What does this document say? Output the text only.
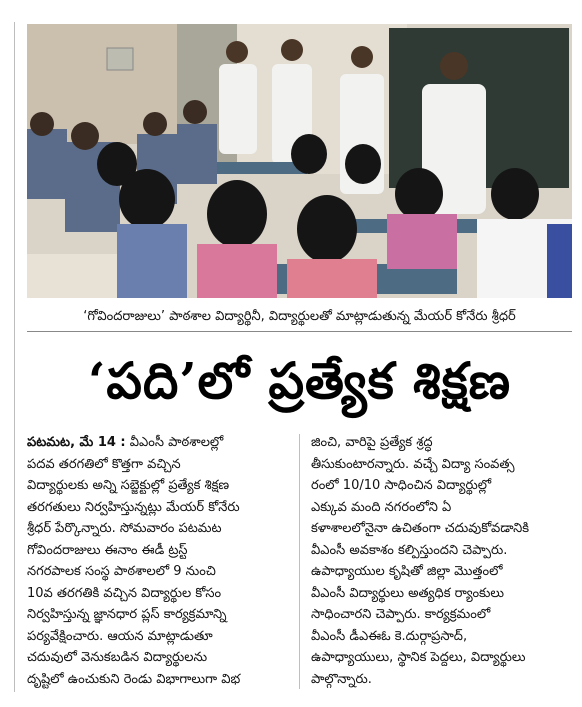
‘గోవిందరాజులు’ పాఠశాల విద్యార్థినీ, విద్యార్థులతో మాట్లాడుతున్న మేయర్ కోనేరు శ్రీధర్
‘పది’లో ప్రత్యేక శిక్షణ

పటమట, మే 14 : వీఎంసీ పాఠశాలల్లో
పదవ తరగతిలో కొత్తగా వచ్చిన
విద్యార్థులకు అన్ని సబ్జెక్టుల్లో ప్రత్యేక శిక్షణ
తరగతులు నిర్వహిస్తున్నట్లు మేయర్ కోనేరు
శ్రీధర్ పేర్కొన్నారు. సోమవారం పటమట
గోవిందరాజులు ఈనాం ఈడీ ట్రస్ట్
నగరపాలక సంస్థ పాఠశాలలో 9 నుంచి
10వ తరగతికి వచ్చిన విద్యార్థుల కోసం
నిర్వహిస్తున్న జ్ఞానధార ప్లస్ కార్యక్రమాన్ని
పర్యవేక్షించారు. ఆయన మాట్లాడుతూ
చదువులో వెనుకబడిన విద్యార్థులను
దృష్టిలో ఉంచుకుని రెండు విభాగాలుగా విభ

జించి, వారిపై ప్రత్యేక శ్రద్ధ
తీసుకుంటారన్నారు. వచ్చే విద్యా సంవత్స
రంలో 10/10 సాధించిన విద్యార్థుల్లో
ఎక్కువ మంది నగరంలోని ఏ
కళాశాలలోనైనా ఉచితంగా చదువుకోవడానికి
వీఎంసీ అవకాశం కల్పిస్తుందని చెప్పారు.
ఉపాధ్యాయుల కృషితో జిల్లా మొత్తంలో
వీఎంసీ విద్యార్థులు అత్యధిక ర్యాంకులు
సాధించారని చెప్పారు. కార్యక్రమంలో
వీఎంసీ డీఎఈఓ కె.దుర్గాప్రసాద్,
ఉపాధ్యాయులు, స్థానిక పెద్దలు, విద్యార్థులు
పాల్గొన్నారు.
